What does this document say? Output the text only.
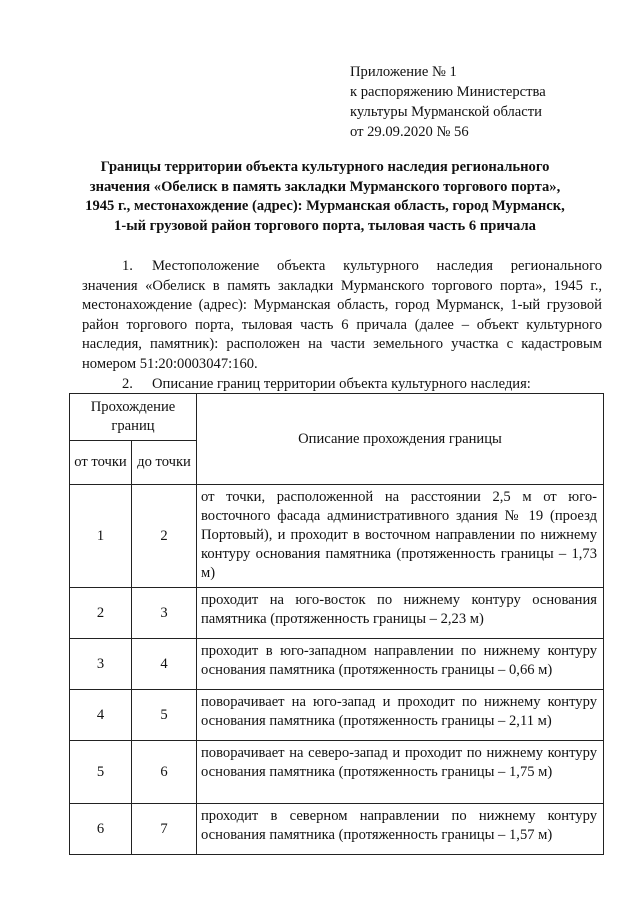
Приложение № 1
к распоряжению Министерства
культуры Мурманской области
от 29.09.2020 № 56
Границы территории объекта культурного наследия регионального
значения «Обелиск в память закладки Мурманского торгового порта»,
1945 г., местонахождение (адрес): Мурманская область, город Мурманск,
1-ый грузовой район торгового порта, тыловая часть 6 причала
1. Местоположение объекта культурного наследия регионального значения «Обелиск в память закладки Мурманского торгового порта», 1945 г., местонахождение (адрес): Мурманская область, город Мурманск, 1-ый грузовой район торгового порта, тыловая часть 6 причала (далее – объект культурного наследия, памятник): расположен на части земельного участка с кадастровым номером 51:20:0003047:160.
2. Описание границ территории объекта культурного наследия:
Прохождение границ		Описание прохождения границы
от точки	до точки	
1	2	от точки, расположенной на расстоянии 2,5 м от юго-восточного фасада административного здания № 19 (проезд Портовый), и проходит в восточном направлении по нижнему контуру основания памятника (протяженность границы – 1,73 м)
2	3	проходит на юго-восток по нижнему контуру основания памятника (протяженность границы – 2,23 м)
3	4	проходит в юго-западном направлении по нижнему контуру основания памятника (протяженность границы – 0,66 м)
4	5	поворачивает на юго-запад и проходит по нижнему контуру основания памятника (протяженность границы – 2,11 м)
5	6	поворачивает на северо-запад и проходит по нижнему контуру основания памятника (протяженность границы – 1,75 м)
6	7	проходит в северном направлении по нижнему контуру основания памятника (протяженность границы – 1,57 м)
